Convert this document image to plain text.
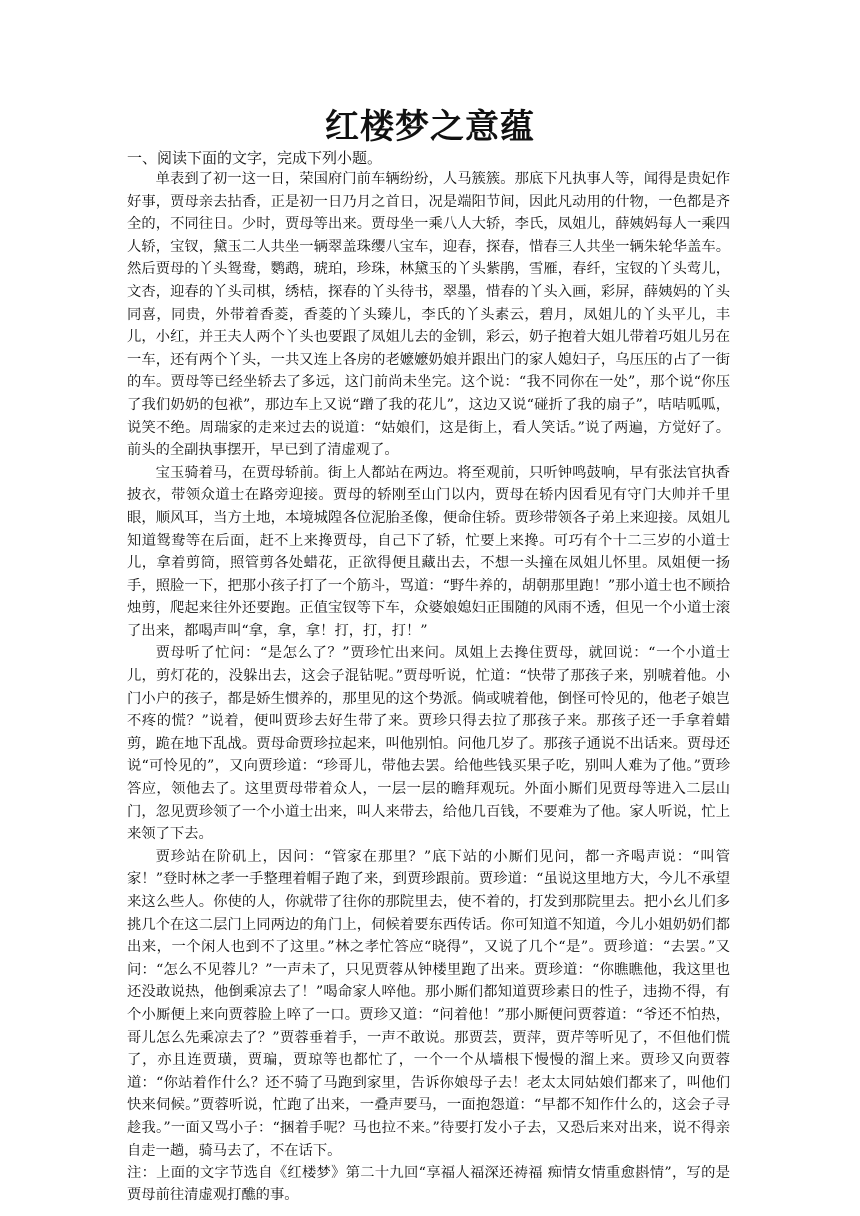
红楼梦之意蕴

一、阅读下面的文字，完成下列小题。

单表到了初一这一日，荣国府门前车辆纷纷，人马簇簇。那底下凡执事人等，闻得是贵妃作好事，贾母亲去拈香，正是初一日乃月之首日，况是端阳节间，因此凡动用的什物，一色都是齐全的，不同往日。少时，贾母等出来。贾母坐一乘八人大轿，李氏，凤姐儿，薛姨妈每人一乘四人轿，宝钗，黛玉二人共坐一辆翠盖珠缨八宝车，迎春，探春，惜春三人共坐一辆朱轮华盖车。然后贾母的丫头鸳鸯，鹦鹉，琥珀，珍珠，林黛玉的丫头紫鹃，雪雁，春纤，宝钗的丫头莺儿，文杏，迎春的丫头司棋，绣桔，探春的丫头待书，翠墨，惜春的丫头入画，彩屏，薛姨妈的丫头同喜，同贵，外带着香菱，香菱的丫头臻儿，李氏的丫头素云，碧月，凤姐儿的丫头平儿，丰儿，小红，并王夫人两个丫头也要跟了凤姐儿去的金钏，彩云，奶子抱着大姐儿带着巧姐儿另在一车，还有两个丫头，一共又连上各房的老嬷嬷奶娘并跟出门的家人媳妇子，乌压压的占了一街的车。贾母等已经坐轿去了多远，这门前尚未坐完。这个说：“我不同你在一处”，那个说“你压了我们奶奶的包袱”，那边车上又说“蹭了我的花儿”，这边又说“碰折了我的扇子”，咭咭呱呱，说笑不绝。周瑞家的走来过去的说道：“姑娘们，这是街上，看人笑话。”说了两遍，方觉好了。前头的全副执事摆开，早已到了清虚观了。

宝玉骑着马，在贾母轿前。街上人都站在两边。将至观前，只听钟鸣鼓响，早有张法官执香披衣，带领众道士在路旁迎接。贾母的轿刚至山门以内，贾母在轿内因看见有守门大帅并千里眼，顺风耳，当方土地，本境城隍各位泥胎圣像，便命住轿。贾珍带领各子弟上来迎接。凤姐儿知道鸳鸯等在后面，赶不上来搀贾母，自己下了轿，忙要上来搀。可巧有个十二三岁的小道士儿，拿着剪筒，照管剪各处蜡花，正欲得便且藏出去，不想一头撞在凤姐儿怀里。凤姐便一扬手，照脸一下，把那小孩子打了一个筋斗，骂道：“野牛养的，胡朝那里跑！”那小道士也不顾拾烛剪，爬起来往外还要跑。正值宝钗等下车，众婆娘媳妇正围随的风雨不透，但见一个小道士滚了出来，都喝声叫“拿，拿，拿！打，打，打！”

贾母听了忙问：“是怎么了？”贾珍忙出来问。凤姐上去搀住贾母，就回说：“一个小道士儿，剪灯花的，没躲出去，这会子混钻呢。”贾母听说，忙道：“快带了那孩子来，别唬着他。小门小户的孩子，都是娇生惯养的，那里见的这个势派。倘或唬着他，倒怪可怜见的，他老子娘岂不疼的慌？”说着，便叫贾珍去好生带了来。贾珍只得去拉了那孩子来。那孩子还一手拿着蜡剪，跪在地下乱战。贾母命贾珍拉起来，叫他别怕。问他几岁了。那孩子通说不出话来。贾母还说“可怜见的”，又向贾珍道：“珍哥儿，带他去罢。给他些钱买果子吃，别叫人难为了他。”贾珍答应，领他去了。这里贾母带着众人，一层一层的瞻拜观玩。外面小厮们见贾母等进入二层山门，忽见贾珍领了一个小道士出来，叫人来带去，给他几百钱，不要难为了他。家人听说，忙上来领了下去。

贾珍站在阶矶上，因问：“管家在那里？”底下站的小厮们见问，都一齐喝声说：“叫管家！”登时林之孝一手整理着帽子跑了来，到贾珍跟前。贾珍道：“虽说这里地方大，今儿不承望来这么些人。你使的人，你就带了往你的那院里去，使不着的，打发到那院里去。把小幺儿们多挑几个在这二层门上同两边的角门上，伺候着要东西传话。你可知道不知道，今儿小姐奶奶们都出来，一个闲人也到不了这里。”林之孝忙答应“晓得”，又说了几个“是”。贾珍道：“去罢。”又问：“怎么不见蓉儿？”一声未了，只见贾蓉从钟楼里跑了出来。贾珍道：“你瞧瞧他，我这里也还没敢说热，他倒乘凉去了！”喝命家人啐他。那小厮们都知道贾珍素日的性子，违拗不得，有个小厮便上来向贾蓉脸上啐了一口。贾珍又道：“问着他！”那小厮便问贾蓉道：“爷还不怕热，哥儿怎么先乘凉去了？”贾蓉垂着手，一声不敢说。那贾芸，贾萍，贾芹等听见了，不但他们慌了，亦且连贾璜，贾㻞，贾琼等也都忙了，一个一个从墙根下慢慢的溜上来。贾珍又向贾蓉道：“你站着作什么？还不骑了马跑到家里，告诉你娘母子去！老太太同姑娘们都来了，叫他们快来伺候。”贾蓉听说，忙跑了出来，一叠声要马，一面抱怨道：“早都不知作什么的，这会子寻趁我。”一面又骂小子：“捆着手呢？马也拉不来。”待要打发小子去，又恐后来对出来，说不得亲自走一趟，骑马去了，不在话下。

注：上面的文字节选自《红楼梦》第二十九回“享福人福深还祷福 痴情女情重愈斟情”，写的是贾母前往清虚观打醮的事。
